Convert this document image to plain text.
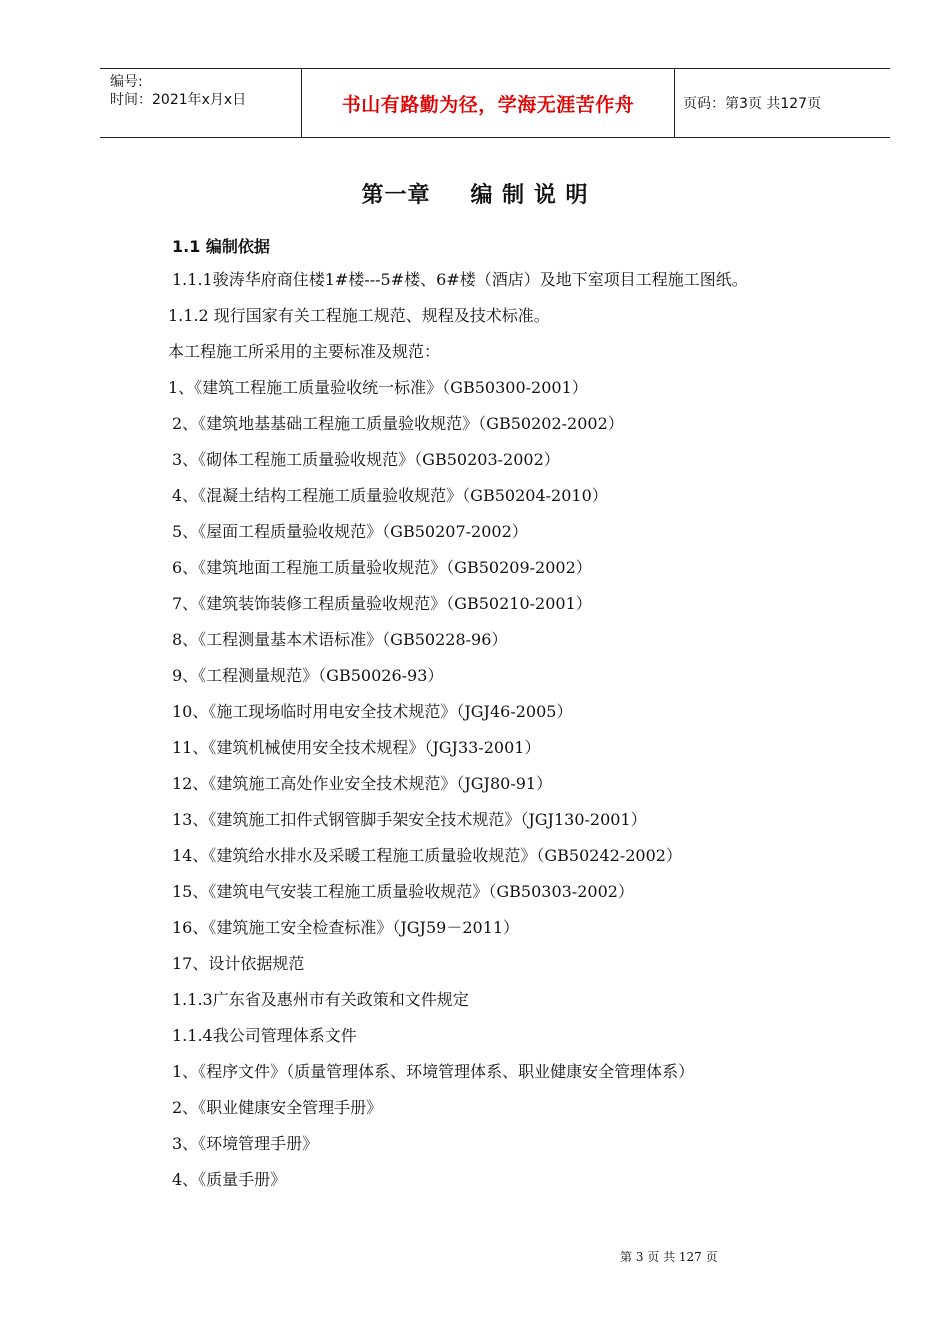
编号:
时间：2021年x月x日	书山有路勤为径，学海无涯苦作舟	页码：第3页 共127页
第一章 编 制 说 明
1.1 编制依据
1.1.1骏涛华府商住楼1#楼---5#楼、6#楼（酒店）及地下室项目工程施工图纸。
1.1.2 现行国家有关工程施工规范、规程及技术标准。
本工程施工所采用的主要标准及规范：
1、《建筑工程施工质量验收统一标准》（GB50300-2001）
2、《建筑地基基础工程施工质量验收规范》（GB50202-2002）
3、《砌体工程施工质量验收规范》（GB50203-2002）
4、《混凝土结构工程施工质量验收规范》（GB50204-2010）
5、《屋面工程质量验收规范》（GB50207-2002）
6、《建筑地面工程施工质量验收规范》（GB50209-2002）
7、《建筑装饰装修工程质量验收规范》（GB50210-2001）
8、《工程测量基本术语标准》（GB50228-96）
9、《工程测量规范》（GB50026-93）
10、《施工现场临时用电安全技术规范》（JGJ46-2005）
11、《建筑机械使用安全技术规程》（JGJ33-2001）
12、《建筑施工高处作业安全技术规范》（JGJ80-91）
13、《建筑施工扣件式钢管脚手架安全技术规范》（JGJ130-2001）
14、《建筑给水排水及采暖工程施工质量验收规范》（GB50242-2002）
15、《建筑电气安装工程施工质量验收规范》（GB50303-2002）
16、《建筑施工安全检查标准》（JGJ59－2011）
17、设计依据规范
1.1.3广东省及惠州市有关政策和文件规定
1.1.4我公司管理体系文件
1、《程序文件》（质量管理体系、环境管理体系、职业健康安全管理体系）
2、《职业健康安全管理手册》
3、《环境管理手册》
4、《质量手册》
第 3 页 共 127 页
